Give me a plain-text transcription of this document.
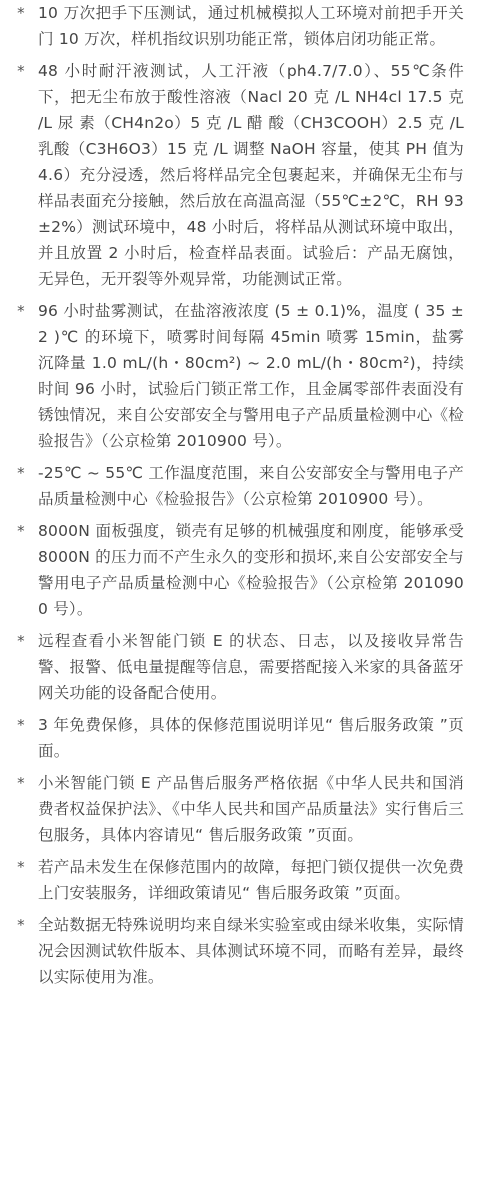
* 10 万次把手下压测试，通过机械模拟人工环境对前把手开关门 10 万次，样机指纹识别功能正常，锁体启闭功能正常。
* 48 小时耐汗液测试，人工汗液（ph4.7/7.0）、55℃条件下，把无尘布放于酸性溶液（Nacl 20 克 /L NH4cl 17.5 克 /L 尿 素（CH4n2o）5 克 /L 醋 酸（CH3COOH）2.5 克 /L 乳酸（C3H6O3）15 克 /L 调整 NaOH 容量，使其 PH 值为 4.6）充分浸透，然后将样品完全包裹起来，并确保无尘布与样品表面充分接触，然后放在高温高湿（55℃±2℃，RH 93±2%）测试环境中，48 小时后，将样品从测试环境中取出，并且放置 2 小时后，检查样品表面。试验后：产品无腐蚀，无异色，无开裂等外观异常，功能测试正常。
* 96 小时盐雾测试，在盐溶液浓度 (5 ± 0.1)%，温度 ( 35 ± 2 )℃ 的环境下，喷雾时间每隔 45min 喷雾 15min，盐雾沉降量 1.0 mL/(h・80cm²) ~ 2.0 mL/(h・80cm²)，持续时间 96 小时，试验后门锁正常工作，且金属零部件表面没有锈蚀情况，来自公安部安全与警用电子产品质量检测中心《检验报告》（公京检第 2010900 号）。
* -25℃ ~ 55℃ 工作温度范围，来自公安部安全与警用电子产品质量检测中心《检验报告》（公京检第 2010900 号）。
* 8000N 面板强度，锁壳有足够的机械强度和刚度，能够承受 8000N 的压力而不产生永久的变形和损坏,来自公安部安全与警用电子产品质量检测中心《检验报告》（公京检第 2010900 号）。
* 远程查看小米智能门锁 E 的状态、日志，以及接收异常告警、报警、低电量提醒等信息，需要搭配接入米家的具备蓝牙网关功能的设备配合使用。
* 3 年免费保修，具体的保修范围说明详见“ 售后服务政策 ”页面。
* 小米智能门锁 E 产品售后服务严格依据《中华人民共和国消费者权益保护法》、《中华人民共和国产品质量法》实行售后三包服务，具体内容请见“ 售后服务政策 ”页面。
* 若产品未发生在保修范围内的故障，每把门锁仅提供一次免费上门安装服务，详细政策请见“ 售后服务政策 ”页面。
* 全站数据无特殊说明均来自绿米实验室或由绿米收集，实际情况会因测试软件版本、具体测试环境不同，而略有差异，最终以实际使用为准。
